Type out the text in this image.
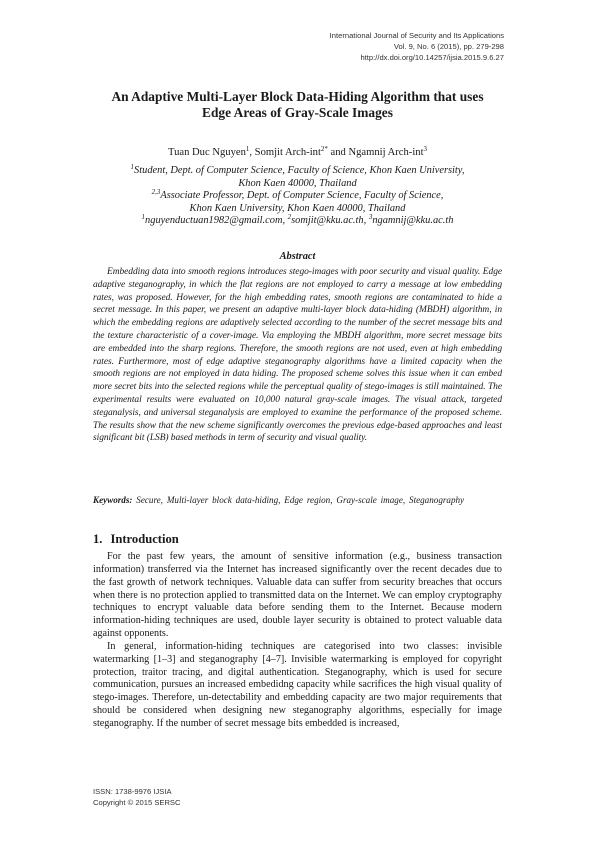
International Journal of Security and Its Applications
Vol. 9, No. 6 (2015), pp. 279-298
http://dx.doi.org/10.14257/ijsia.2015.9.6.27
An Adaptive Multi-Layer Block Data-Hiding Algorithm that uses
Edge Areas of Gray-Scale Images
Tuan Duc Nguyen$^1$, Somjit Arch-int$^{2*}$ and Ngamnij Arch-int$^3$
$^1$Student, Dept. of Computer Science, Faculty of Science, Khon Kaen University,
Khon Kaen 40000, Thailand
$^{2,3}$Associate Professor, Dept. of Computer Science, Faculty of Science,
Khon Kaen University, Khon Kaen 40000, Thailand
$^1$nguyenductuan1982@gmail.com, $^2$somjit@kku.ac.th, $^3$ngamnij@kku.ac.th
Abstract

Embedding data into smooth regions introduces stego-images with poor security and visual quality. Edge adaptive steganography, in which the flat regions are not employed to carry a message at low embedding rates, was proposed. However, for the high embedding rates, smooth regions are contaminated to hide a secret message. In this paper, we present an adaptive multi-layer block data-hiding (MBDH) algorithm, in which the embedding regions are adaptively selected according to the number of the secret message bits and the texture characteristic of a cover-image. Via employing the MBDH algorithm, more secret message bits are embedded into the sharp regions. Therefore, the smooth regions are not used, even at high embedding rates. Furthermore, most of edge adaptive steganography algorithms have a limited capacity when the smooth regions are not employed in data hiding. The proposed scheme solves this issue when it can embed more secret bits into the selected regions while the perceptual quality of stego-images is still maintained. The experimental results were evaluated on 10,000 natural gray-scale images. The visual attack, targeted steganalysis, and universal steganalysis are employed to examine the performance of the proposed scheme. The results show that the new scheme significantly overcomes the previous edge-based approaches and least significant bit (LSB) based methods in term of security and visual quality.

Keywords: Secure, Multi-layer block data-hiding, Edge region, Gray-scale image, Steganography

1. Introduction

For the past few years, the amount of sensitive information (e.g., business transaction information) transferred via the Internet has increased significantly over the recent decades due to the fast growth of network techniques. Valuable data can suffer from security breaches that occurs when there is no protection applied to transmitted data on the Internet. We can employ cryptography techniques to encrypt valuable data before sending them to the Internet. Because modern information-hiding techniques are used, double layer security is obtained to protect valuable data against opponents.

In general, information-hiding techniques are categorised into two classes: invisible watermarking [1–3] and steganography [4–7]. Invisible watermarking is employed for copyright protection, traitor tracing, and digital authentication. Steganography, which is used for secure communication, pursues an increased embedidng capacity while sacrifices the high visual quality of stego-images. Therefore, un-detectability and embedding capacity are two major requirements that should be considered when designing new steganography algorithms, especially for image steganography. If the number of secret message bits embedded is increased,

ISSN: 1738-9976 IJSIA
Copyright © 2015 SERSC
